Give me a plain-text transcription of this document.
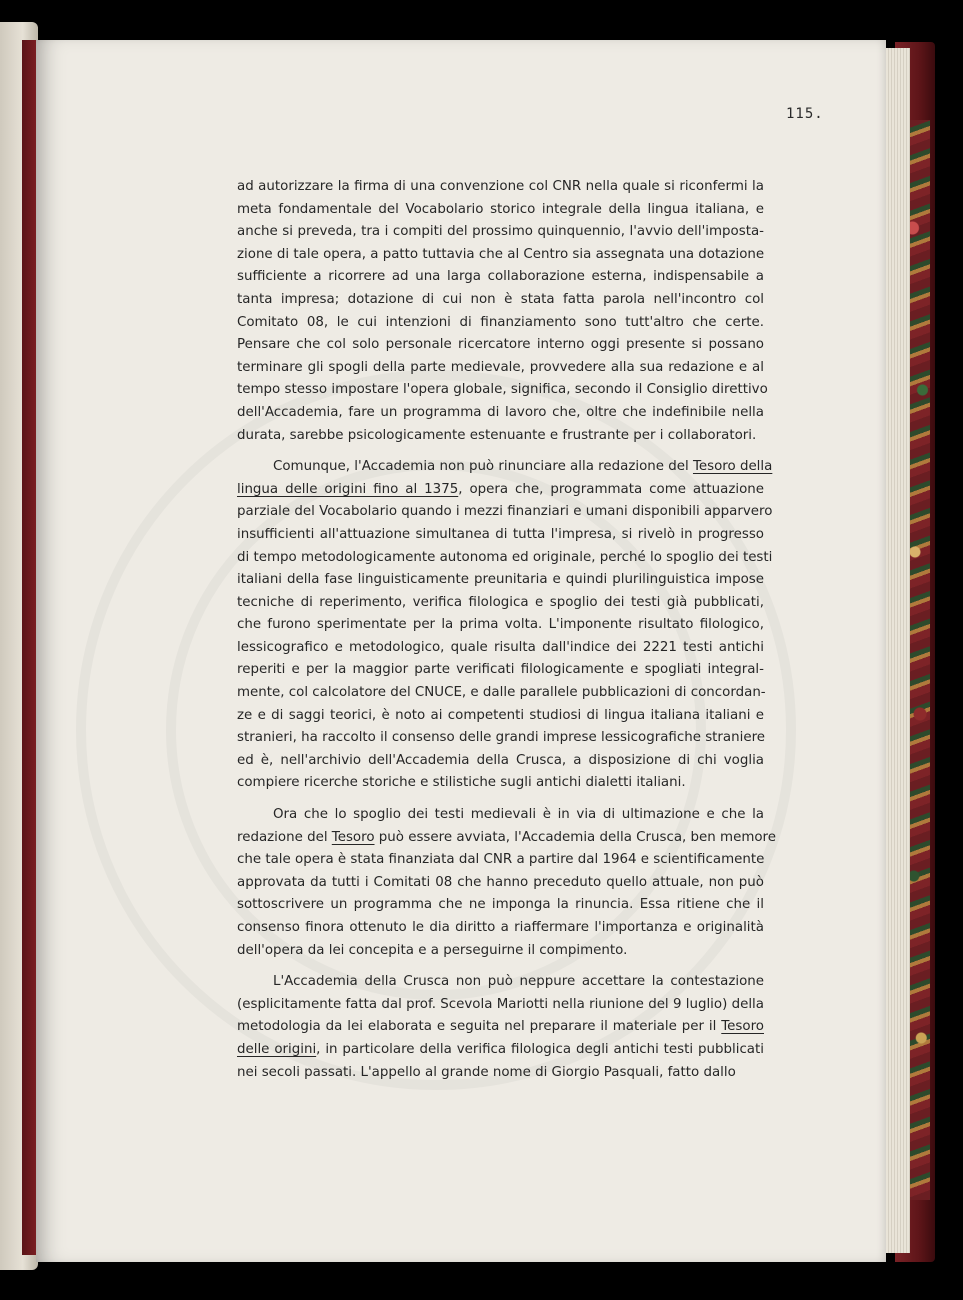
115.
ad autorizzare la firma di una convenzione col CNR nella quale si riconfermi la
meta fondamentale del Vocabolario storico integrale della lingua italiana, e
anche si preveda, tra i compiti del prossimo quinquennio, l'avvio dell'imposta-
zione di tale opera, a patto tuttavia che al Centro sia assegnata una dotazione
sufficiente a ricorrere ad una larga collaborazione esterna, indispensabile a
tanta impresa; dotazione di cui non è stata fatta parola nell'incontro col
Comitato 08, le cui intenzioni di finanziamento sono tutt'altro che certe.
Pensare che col solo personale ricercatore interno oggi presente si possano
terminare gli spogli della parte medievale, provvedere alla sua redazione e al
tempo stesso impostare l'opera globale, significa, secondo il Consiglio direttivo
dell'Accademia, fare un programma di lavoro che, oltre che indefinibile nella
durata, sarebbe psicologicamente estenuante e frustrante per i collaboratori.
Comunque, l'Accademia non può rinunciare alla redazione del Tesoro della
lingua delle origini fino al 1375, opera che, programmata come attuazione
parziale del Vocabolario quando i mezzi finanziari e umani disponibili apparvero
insufficienti all'attuazione simultanea di tutta l'impresa, si rivelò in progresso
di tempo metodologicamente autonoma ed originale, perché lo spoglio dei testi
italiani della fase linguisticamente preunitaria e quindi plurilinguistica impose
tecniche di reperimento, verifica filologica e spoglio dei testi già pubblicati,
che furono sperimentate per la prima volta. L'imponente risultato filologico,
lessicografico e metodologico, quale risulta dall'indice dei 2221 testi antichi
reperiti e per la maggior parte verificati filologicamente e spogliati integral-
mente, col calcolatore del CNUCE, e dalle parallele pubblicazioni di concordan-
ze e di saggi teorici, è noto ai competenti studiosi di lingua italiana italiani e
stranieri, ha raccolto il consenso delle grandi imprese lessicografiche straniere
ed è, nell'archivio dell'Accademia della Crusca, a disposizione di chi voglia
compiere ricerche storiche e stilistiche sugli antichi dialetti italiani.
Ora che lo spoglio dei testi medievali è in via di ultimazione e che la
redazione del Tesoro può essere avviata, l'Accademia della Crusca, ben memore
che tale opera è stata finanziata dal CNR a partire dal 1964 e scientificamente
approvata da tutti i Comitati 08 che hanno preceduto quello attuale, non può
sottoscrivere un programma che ne imponga la rinuncia. Essa ritiene che il
consenso finora ottenuto le dia diritto a riaffermare l'importanza e originalità
dell'opera da lei concepita e a perseguirne il compimento.
L'Accademia della Crusca non può neppure accettare la contestazione
(esplicitamente fatta dal prof. Scevola Mariotti nella riunione del 9 luglio) della
metodologia da lei elaborata e seguita nel preparare il materiale per il Tesoro
delle origini, in particolare della verifica filologica degli antichi testi pubblicati
nei secoli passati. L'appello al grande nome di Giorgio Pasquali, fatto dallo
